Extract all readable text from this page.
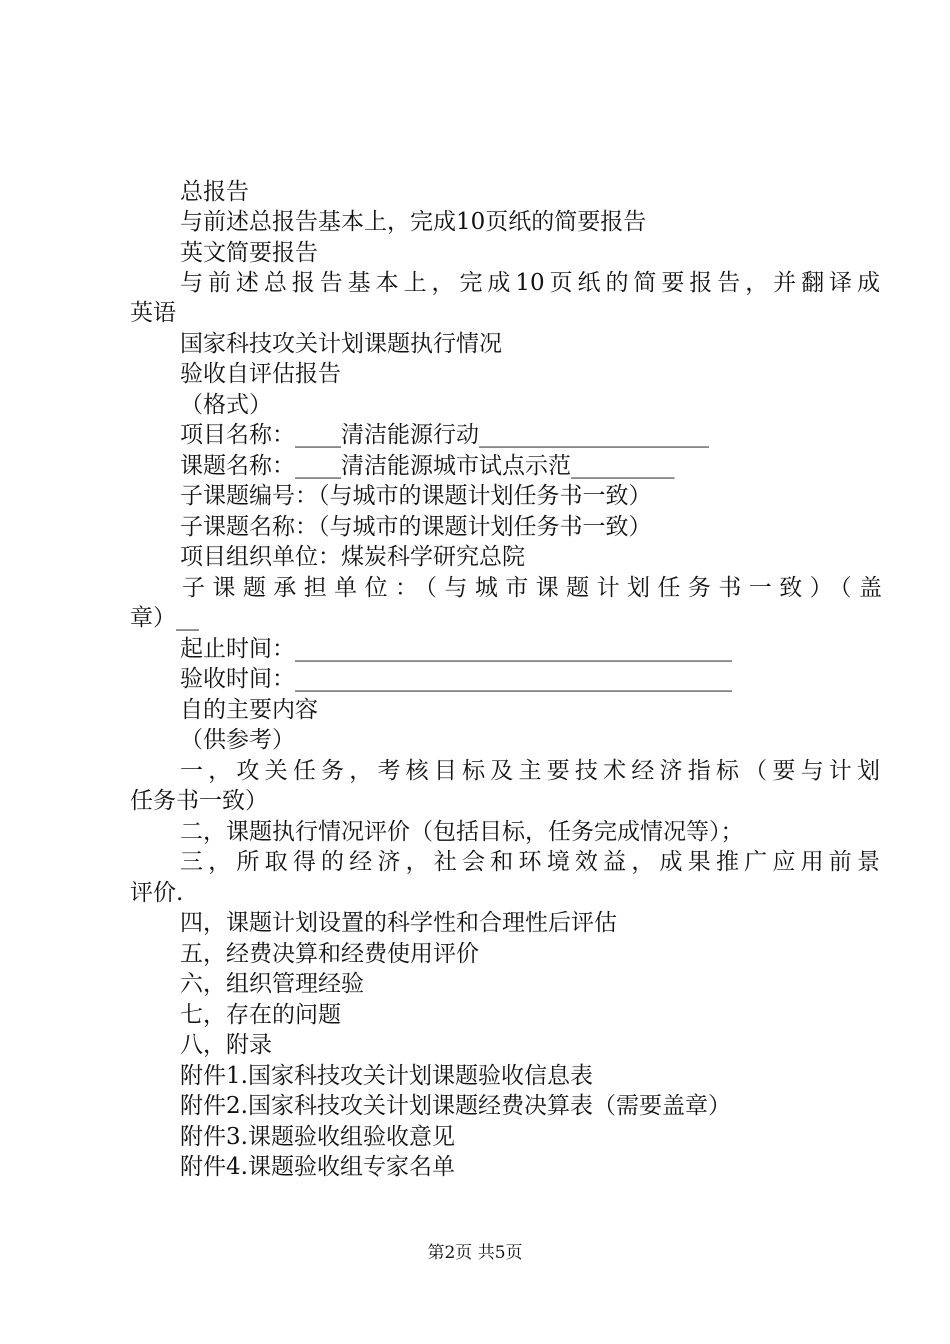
总报告
与前述总报告基本上，完成10页纸的简要报告
英文简要报告
与前述总报告基本上，完成10页纸的简要报告，并翻译成
英语
国家科技攻关计划课题执行情况
验收自评估报告
（格式）
项目名称：____清洁能源行动____________________
课题名称：____清洁能源城市试点示范_________
子课题编号：（与城市的课题计划任务书一致）
子课题名称：（与城市的课题计划任务书一致）
项目组织单位：煤炭科学研究总院
子课题承担单位：（与城市课题计划任务书一致）（盖
章）__
起止时间：______________________________________
验收时间：______________________________________
自的主要内容
（供参考）
一，攻关任务，考核目标及主要技术经济指标（要与计划
任务书一致）
二，课题执行情况评价（包括目标，任务完成情况等）；
三，所取得的经济，社会和环境效益，成果推广应用前景
评价.
四，课题计划设置的科学性和合理性后评估
五，经费决算和经费使用评价
六，组织管理经验
七，存在的问题
八，附录
附件1.国家科技攻关计划课题验收信息表
附件2.国家科技攻关计划课题经费决算表（需要盖章）
附件3.课题验收组验收意见
附件4.课题验收组专家名单
第2页 共5页
